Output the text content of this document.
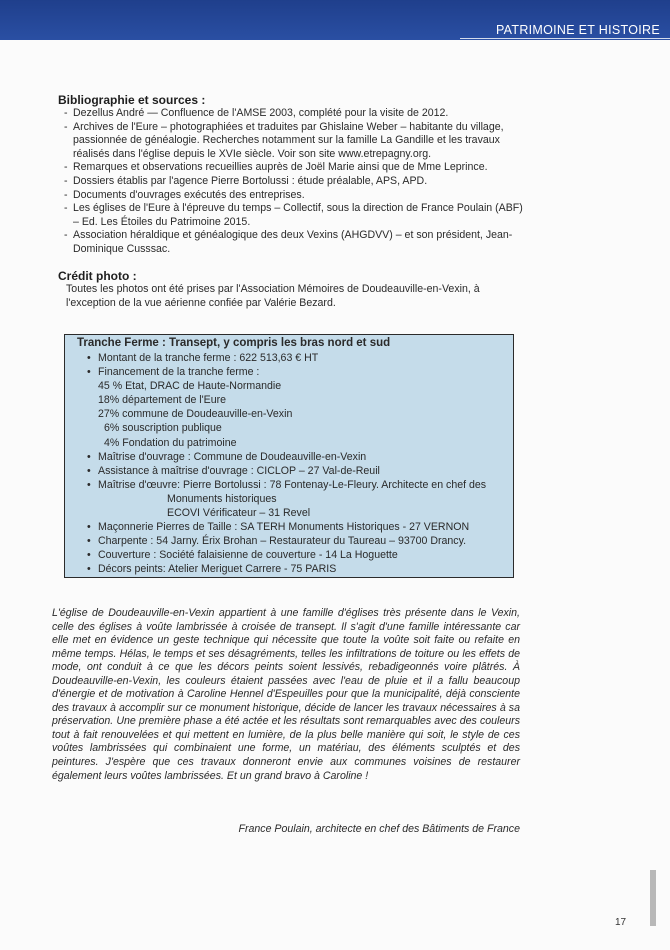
PATRIMOINE ET HISTOIRE
Bibliographie et sources :
- Dezellus André — Confluence de l'AMSE 2003, complété pour la visite de 2012.
- Archives de l'Eure – photographiées et traduites par Ghislaine Weber – habitante du village, passionnée de généalogie. Recherches notamment sur la famille La Gandille et les travaux réalisés dans l'église depuis le XVIe siècle. Voir son site www.etrepagny.org.
- Remarques et observations recueillies auprès de Joël Marie ainsi que de Mme Leprince.
- Dossiers établis par l'agence Pierre Bortolussi : étude préalable, APS, APD.
- Documents d'ouvrages exécutés des entreprises.
- Les églises de l'Eure à l'épreuve du temps – Collectif, sous la direction de France Poulain (ABF) – Ed. Les Étoiles du Patrimoine 2015.
- Association héraldique et généalogique des deux Vexins (AHGDVV) – et son président, Jean-Dominique Cusssac.
Crédit photo :
Toutes les photos ont été prises par l'Association Mémoires de Doudeauville-en-Vexin, à l'exception de la vue aérienne confiée par Valérie Bezard.
Tranche Ferme : Transept, y compris les bras nord et sud
• Montant de la tranche ferme : 622 513,63 € HT
• Financement de la tranche ferme :
45 % Etat, DRAC de Haute-Normandie
18% département de l'Eure
27% commune de Doudeauville-en-Vexin
6% souscription publique
4% Fondation du patrimoine
• Maîtrise d'ouvrage : Commune de Doudeauville-en-Vexin
• Assistance à maîtrise d'ouvrage : CICLOP – 27 Val-de-Reuil
• Maîtrise d'œuvre: Pierre Bortolussi : 78 Fontenay-Le-Fleury. Architecte en chef des
Monuments historiques
ECOVI Vérificateur – 31 Revel
• Maçonnerie Pierres de Taille : SA TERH Monuments Historiques - 27 VERNON
• Charpente : 54 Jarny. Érix Brohan – Restaurateur du Taureau – 93700 Drancy.
• Couverture : Société falaisienne de couverture - 14 La Hoguette
• Décors peints: Atelier Meriguet Carrere - 75 PARIS
L'église de Doudeauville-en-Vexin appartient à une famille d'églises très présente dans le Vexin, celle des églises à voûte lambrissée à croisée de transept. Il s'agit d'une famille intéressante car elle met en évidence un geste technique qui nécessite que toute la voûte soit faite ou refaite en même temps. Hélas, le temps et ses désagréments, telles les infiltrations de toiture ou les effets de mode, ont conduit à ce que les décors peints soient lessivés, rebadigeonnés voire plâtrés. À Doudeauville-en-Vexin, les couleurs étaient passées avec l'eau de pluie et il a fallu beaucoup d'énergie et de motivation à Caroline Hennel d'Espeuilles pour que la municipalité, déjà consciente des travaux à accomplir sur ce monument historique, décide de lancer les travaux nécessaires à sa préservation. Une première phase a été actée et les résultats sont remarquables avec des couleurs tout à fait renouvelées et qui mettent en lumière, de la plus belle manière qui soit, le style de ces voûtes lambrissées qui combinaient une forme, un matériau, des éléments sculptés et des peintures. J'espère que ces travaux donneront envie aux communes voisines de restaurer également leurs voûtes lambrissées. Et un grand bravo à Caroline !
France Poulain, architecte en chef des Bâtiments de France
17
